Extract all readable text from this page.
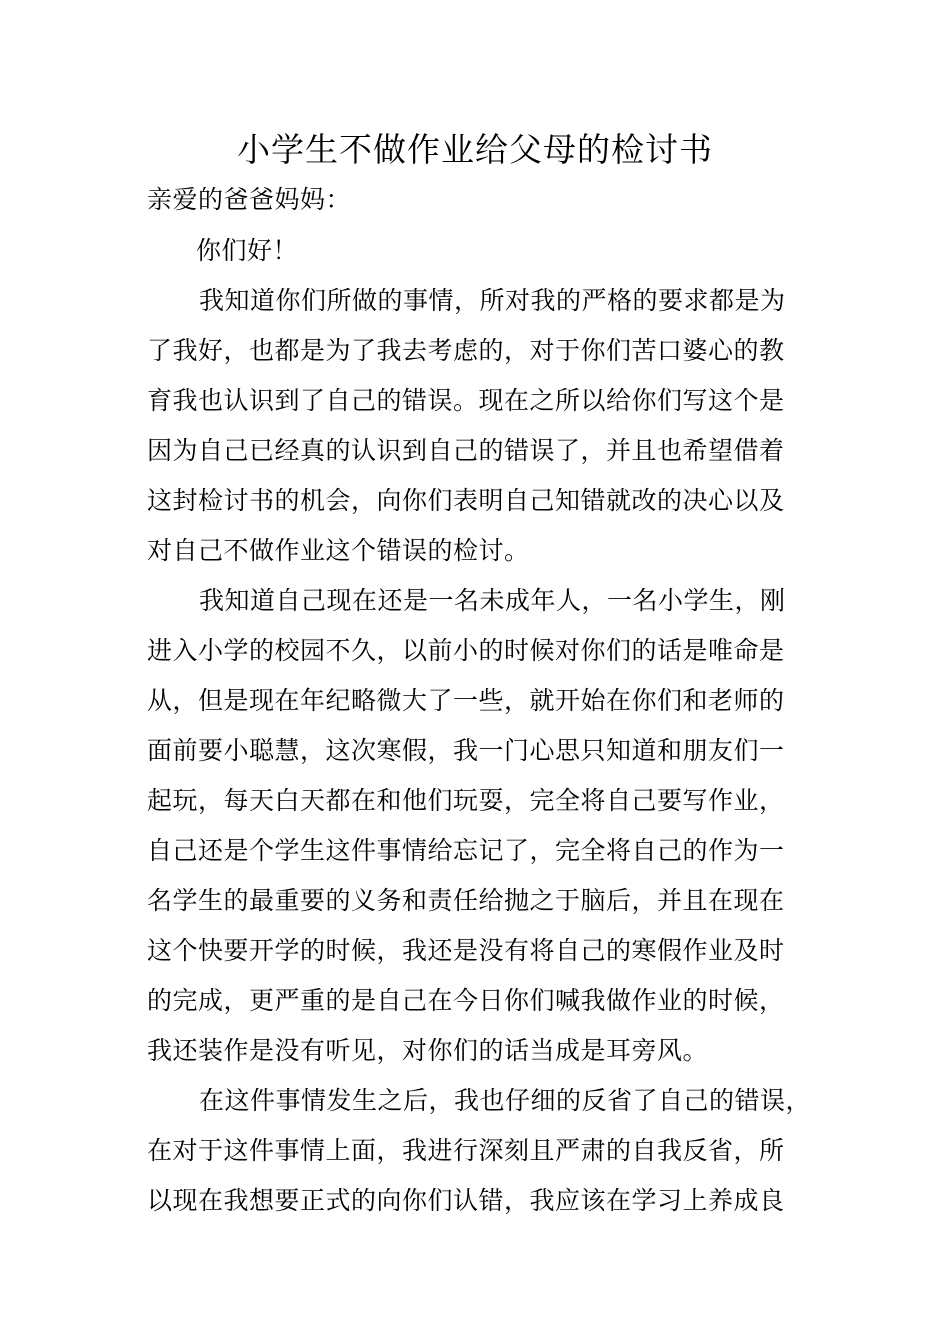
小学生不做作业给父母的检讨书
亲爱的爸爸妈妈：
你们好！
我知道你们所做的事情，所对我的严格的要求都是为
了我好，也都是为了我去考虑的，对于你们苦口婆心的教
育我也认识到了自己的错误。现在之所以给你们写这个是
因为自己已经真的认识到自己的错误了，并且也希望借着
这封检讨书的机会，向你们表明自己知错就改的决心以及
对自己不做作业这个错误的检讨。
我知道自己现在还是一名未成年人，一名小学生，刚
进入小学的校园不久，以前小的时候对你们的话是唯命是
从，但是现在年纪略微大了一些，就开始在你们和老师的
面前要小聪慧，这次寒假，我一门心思只知道和朋友们一
起玩，每天白天都在和他们玩耍，完全将自己要写作业，
自己还是个学生这件事情给忘记了，完全将自己的作为一
名学生的最重要的义务和责任给抛之于脑后，并且在现在
这个快要开学的时候，我还是没有将自己的寒假作业及时
的完成，更严重的是自己在今日你们喊我做作业的时候，
我还装作是没有听见，对你们的话当成是耳旁风。
在这件事情发生之后，我也仔细的反省了自己的错误，
在对于这件事情上面，我进行深刻且严肃的自我反省，所
以现在我想要正式的向你们认错，我应该在学习上养成良
